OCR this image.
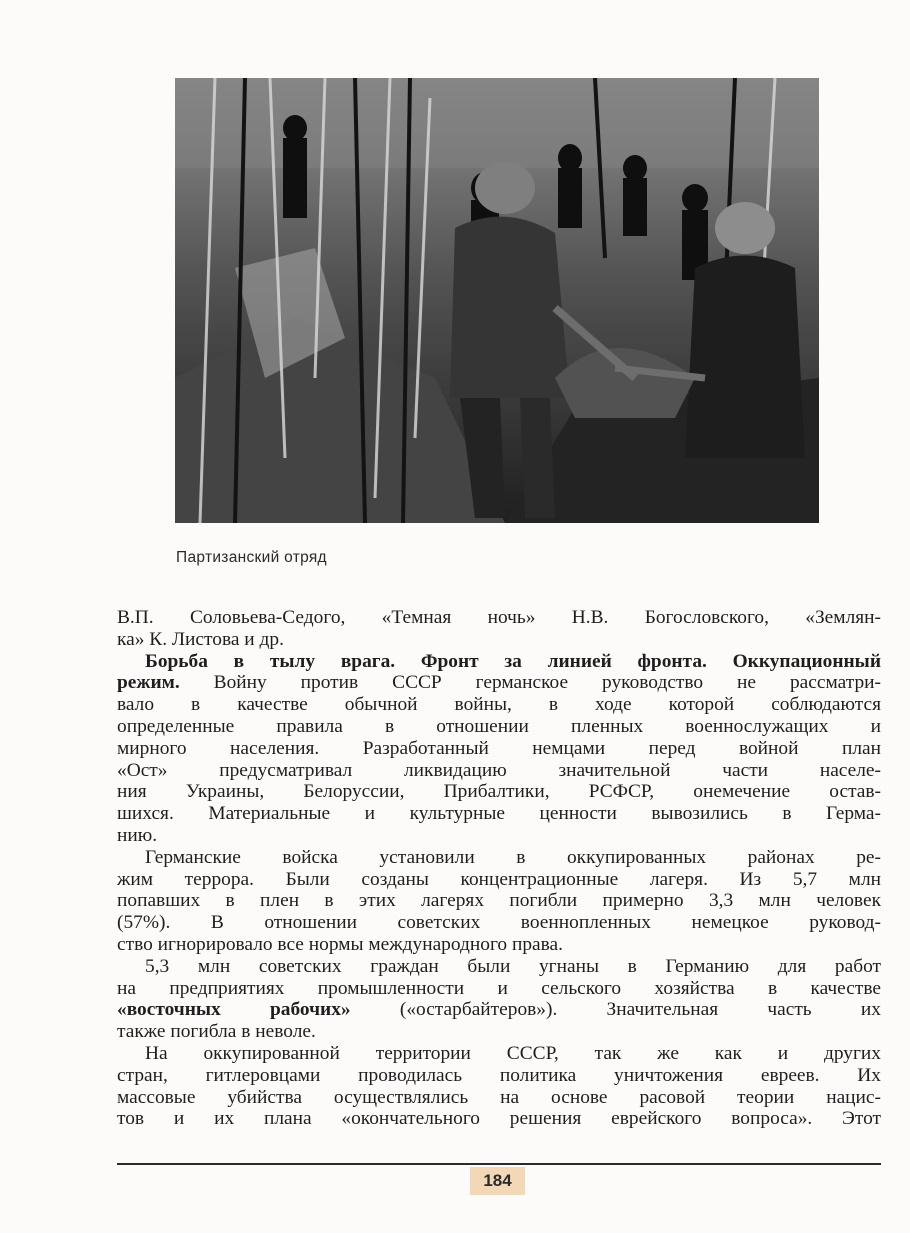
Партизанский отряд

В.П. Соловьева-Седого, «Темная ночь» Н.В. Богословского, «Землян-
ка» К. Листова и др.

Борьба в тылу врага. Фронт за линией фронта. Оккупационный
режим. Войну против СССР германское руководство не рассматри-
вало в качестве обычной войны, в ходе которой соблюдаются
определенные правила в отношении пленных военнослужащих и
мирного населения. Разработанный немцами перед войной план
«Ост» предусматривал ликвидацию значительной части населе-
ния Украины, Белоруссии, Прибалтики, РСФСР, онемечение остав-
шихся. Материальные и культурные ценности вывозились в Герма-
нию.

Германские войска установили в оккупированных районах ре-
жим террора. Были созданы концентрационные лагеря. Из 5,7 млн
попавших в плен в этих лагерях погибли примерно 3,3 млн человек
(57%). В отношении советских военнопленных немецкое руковод-
ство игнорировало все нормы международного права.

5,3 млн советских граждан были угнаны в Германию для работ
на предприятиях промышленности и сельского хозяйства в качестве
«восточных рабочих»	(«остарбайтеров»). Значительная часть их
также погибла в неволе.

На оккупированной территории СССР, так же как и других
стран, гитлеровцами проводилась политика уничтожения евреев. Их
массовые убийства осуществлялись на основе расовой теории нацис-
тов и их плана «окончательного решения еврейского вопроса». Этот

184
